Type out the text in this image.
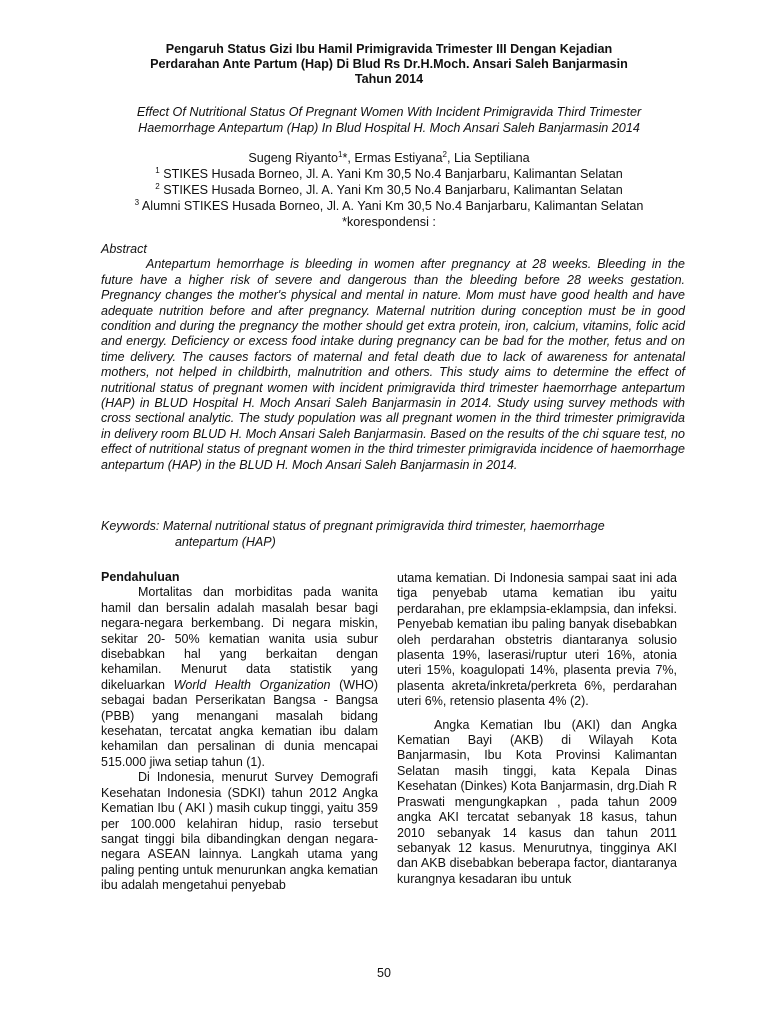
Pengaruh Status Gizi Ibu Hamil Primigravida Trimester III Dengan Kejadian
Perdarahan Ante Partum (Hap) Di Blud Rs Dr.H.Moch. Ansari Saleh Banjarmasin
Tahun 2014
Effect Of Nutritional Status Of Pregnant Women With Incident Primigravida Third Trimester
Haemorrhage Antepartum (Hap) In Blud Hospital H. Moch Ansari Saleh Banjarmasin 2014
Sugeng Riyanto$^1$*, Ermas Estiyana$^2$, Lia Septiliana
$^1$ STIKES Husada Borneo, Jl. A. Yani Km 30,5 No.4 Banjarbaru, Kalimantan Selatan
$^2$ STIKES Husada Borneo, Jl. A. Yani Km 30,5 No.4 Banjarbaru, Kalimantan Selatan
$^3$ Alumni STIKES Husada Borneo, Jl. A. Yani Km 30,5 No.4 Banjarbaru, Kalimantan Selatan
*korespondensi :
Abstract

Antepartum hemorrhage is bleeding in women after pregnancy at 28 weeks. Bleeding in the future have a higher risk of severe and dangerous than the bleeding before 28 weeks gestation. Pregnancy changes the mother's physical and mental in nature. Mom must have good health and have adequate nutrition before and after pregnancy. Maternal nutrition during conception must be in good condition and during the pregnancy the mother should get extra protein, iron, calcium, vitamins, folic acid and energy. Deficiency or excess food intake during pregnancy can be bad for the mother, fetus and on time delivery. The causes factors of maternal and fetal death due to lack of awareness for antenatal mothers, not helped in childbirth, malnutrition and others. This study aims to determine the effect of nutritional status of pregnant women with incident primigravida third trimester haemorrhage antepartum (HAP) in BLUD Hospital H. Moch Ansari Saleh Banjarmasin in 2014. Study using survey methods with cross sectional analytic. The study population was all pregnant women in the third trimester primigravida in delivery room BLUD H. Moch Ansari Saleh Banjarmasin. Based on the results of the chi square test, no effect of nutritional status of pregnant women in the third trimester primigravida incidence of haemorrhage antepartum (HAP) in the BLUD H. Moch Ansari Saleh Banjarmasin in 2014.

Keywords: Maternal nutritional status of pregnant primigravida third trimester, haemorrhage
antepartum (HAP)
Pendahuluan

Mortalitas dan morbiditas pada wanita hamil dan bersalin adalah masalah besar bagi negara-negara berkembang. Di negara miskin, sekitar 20- 50% kematian wanita usia subur disebabkan hal yang berkaitan dengan kehamilan. Menurut data statistik yang dikeluarkan World Health Organization (WHO) sebagai badan Perserikatan Bangsa - Bangsa (PBB) yang menangani masalah bidang kesehatan, tercatat angka kematian ibu dalam kehamilan dan persalinan di dunia mencapai 515.000 jiwa setiap tahun (1).

Di Indonesia, menurut Survey Demografi Kesehatan Indonesia (SDKI) tahun 2012 Angka Kematian Ibu ( AKI ) masih cukup tinggi, yaitu 359 per 100.000 kelahiran hidup, rasio tersebut sangat tinggi bila dibandingkan dengan negara-negara ASEAN lainnya. Langkah utama yang paling penting untuk menurunkan angka kematian ibu adalah mengetahui penyebab

utama kematian. Di Indonesia sampai saat ini ada tiga penyebab utama kematian ibu yaitu perdarahan, pre eklampsia-eklampsia, dan infeksi. Penyebab kematian ibu paling banyak disebabkan oleh perdarahan obstetris diantaranya solusio plasenta 19%, laserasi/ruptur uteri 16%, atonia uteri 15%, koagulopati 14%, plasenta previa 7%, plasenta akreta/inkreta/perkreta 6%, perdarahan uteri 6%, retensio plasenta 4% (2).

Angka Kematian Ibu (AKI) dan Angka Kematian Bayi (AKB) di Wilayah Kota Banjarmasin, Ibu Kota Provinsi Kalimantan Selatan masih tinggi, kata Kepala Dinas Kesehatan (Dinkes) Kota Banjarmasin, drg.Diah R Praswati mengungkapkan , pada tahun 2009 angka AKI tercatat sebanyak 18 kasus, tahun 2010 sebanyak 14 kasus dan tahun 2011 sebanyak 12 kasus. Menurutnya, tingginya AKI dan AKB disebabkan beberapa factor, diantaranya kurangnya kesadaran ibu untuk

50
